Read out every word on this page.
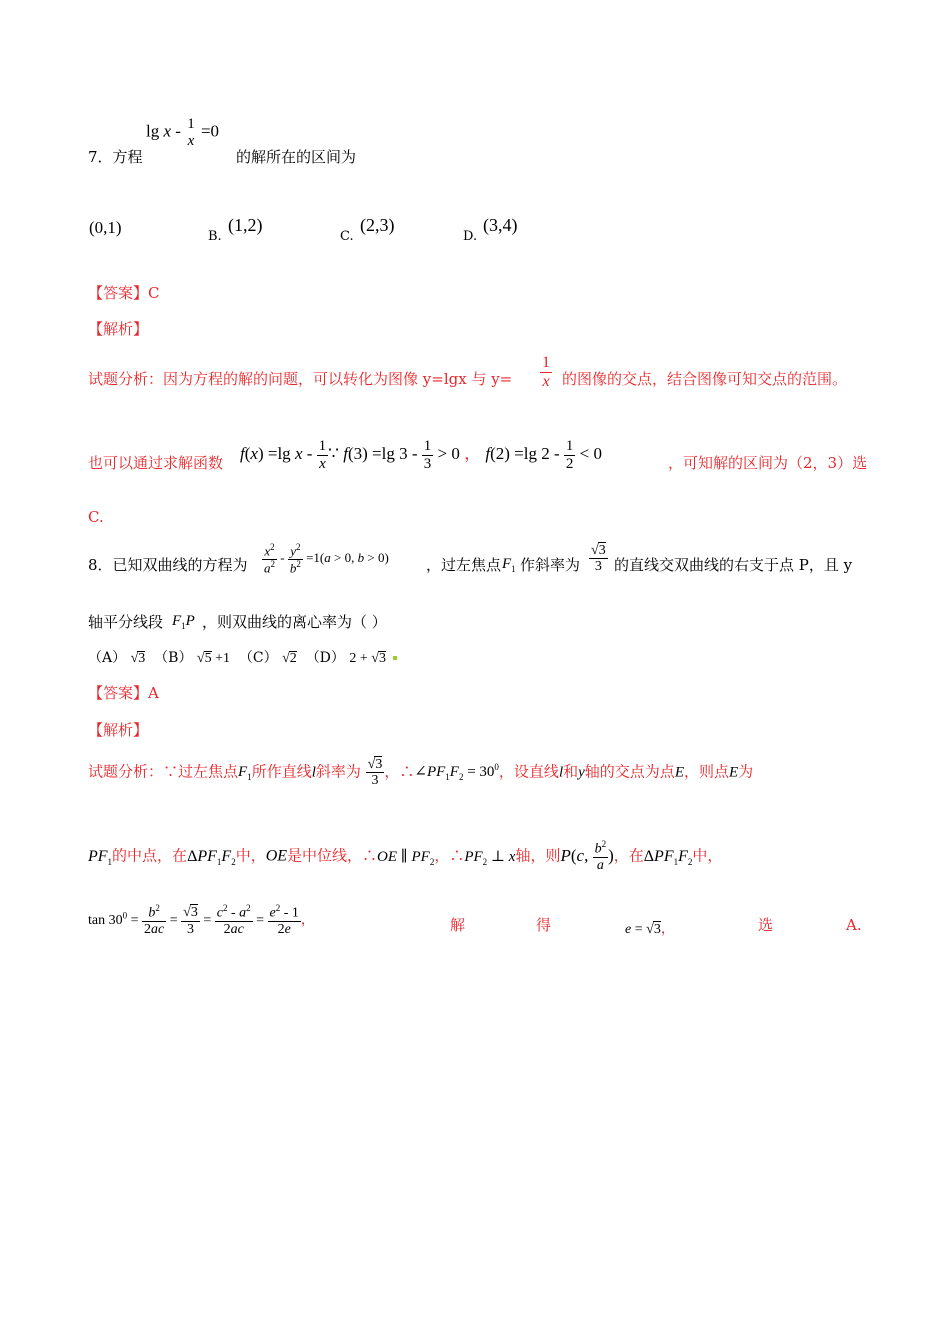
lg x - 1
x
=0
7．方程	的解所在的区间为
(0,1)	B.
(1,2)
C.
(2,3)
D.
(3,4)
【答案】C
【解析】
试题分析：因为方程的解的问题，可以转化为图像 y=lgx 与 $y= \frac{1}{x}$ 的图像的交点，结合图像可知交点的范围。
也可以通过求解函数
f(x) =lg x - $\frac{1}{x}$ ∵ f(3) =lg $3 - \frac{1}{3} > 0$ ， f(2) =lg $2 - \frac{1}{2} < 0$
，可知解的区间为（2，3）选
C.
8．已知双曲线的方程为 $\frac{x^2}{a^2} - \frac{y^2}{b^2} =1(a > 0$, b > 0) ，过左焦点 $F_1$ 作斜率为 $\frac{√3}{3}$ 的直线交双曲线的右支于点 P，且 y
轴平分线段 $F_1P$ ，则双曲线的离心率为（ ）
（A） √3 （B） √5 +1 （C） √2 （D） 2 + √3
【答案】A
【解析】
试题分析：∵过左焦点$F_1$所作直线l斜率为 $\frac{√3}{3}$ ，$\therefore\angle PF_1F_2 = 30^0$，设直线l和y轴的交点为点E，则点E为
$PF_1$的中点，在$\Delta PF_1F_2$中，OE是中位线，∴OE ∥ $PF_2$，$\therefore PF_2$ ⊥ x轴，则P(c, $\frac{b^2}{a}$ )，在$\Delta PF_1F_2$中，
$\tan 30^0 = \frac{b^2}{2ac} = \frac{√3}{3} = \frac{c^2 - a^2}{2ac} = \frac{e^2 - 1}{2e}$ ，	解	得	e = √3，	选	A.
